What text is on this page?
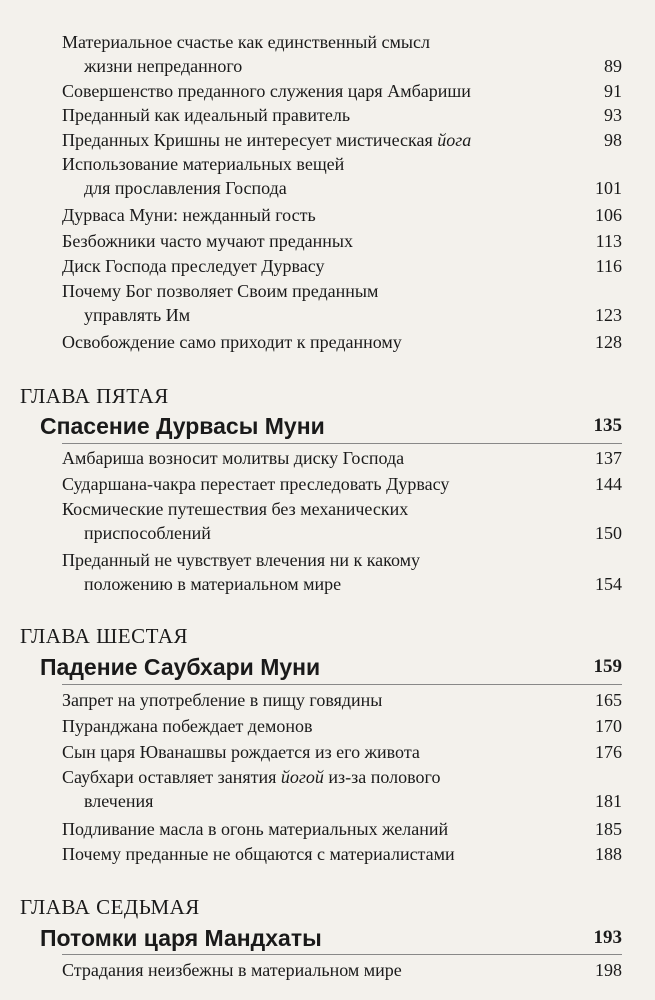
Материальное счастье как единственный смысл
жизни непреданного	89
Совершенство преданного служения царя Амбариши	91
Преданный как идеальный правитель	93
Преданных Кришны не интересует мистическая йога	98
Использование материальных вещей
для прославления Господа	101
Дурваса Муни: нежданный гость	106
Безбожники часто мучают преданных	113
Диск Господа преследует Дурвасу	116
Почему Бог позволяет Своим преданным
управлять Им	123
Освобождение само приходит к преданному	128
ГЛАВА ПЯТАЯ
Спасение Дурвасы Муни	135
Амбариша возносит молитвы диску Господа	137
Сударшана-чакра перестает преследовать Дурвасу	144
Космические путешествия без механических
приспособлений	150
Преданный не чувствует влечения ни к какому
положению в материальном мире	154
ГЛАВА ШЕСТАЯ
Падение Саубхари Муни	159
Запрет на употребление в пищу говядины	165
Пуранджана побеждает демонов	170
Сын царя Юванашвы рождается из его живота	176
Саубхари оставляет занятия йогой из-за полового
влечения	181
Подливание масла в огонь материальных желаний	185
Почему преданные не общаются с материалистами	188
ГЛАВА СЕДЬМАЯ
Потомки царя Мандхаты	193
Страдания неизбежны в материальном мире	198
